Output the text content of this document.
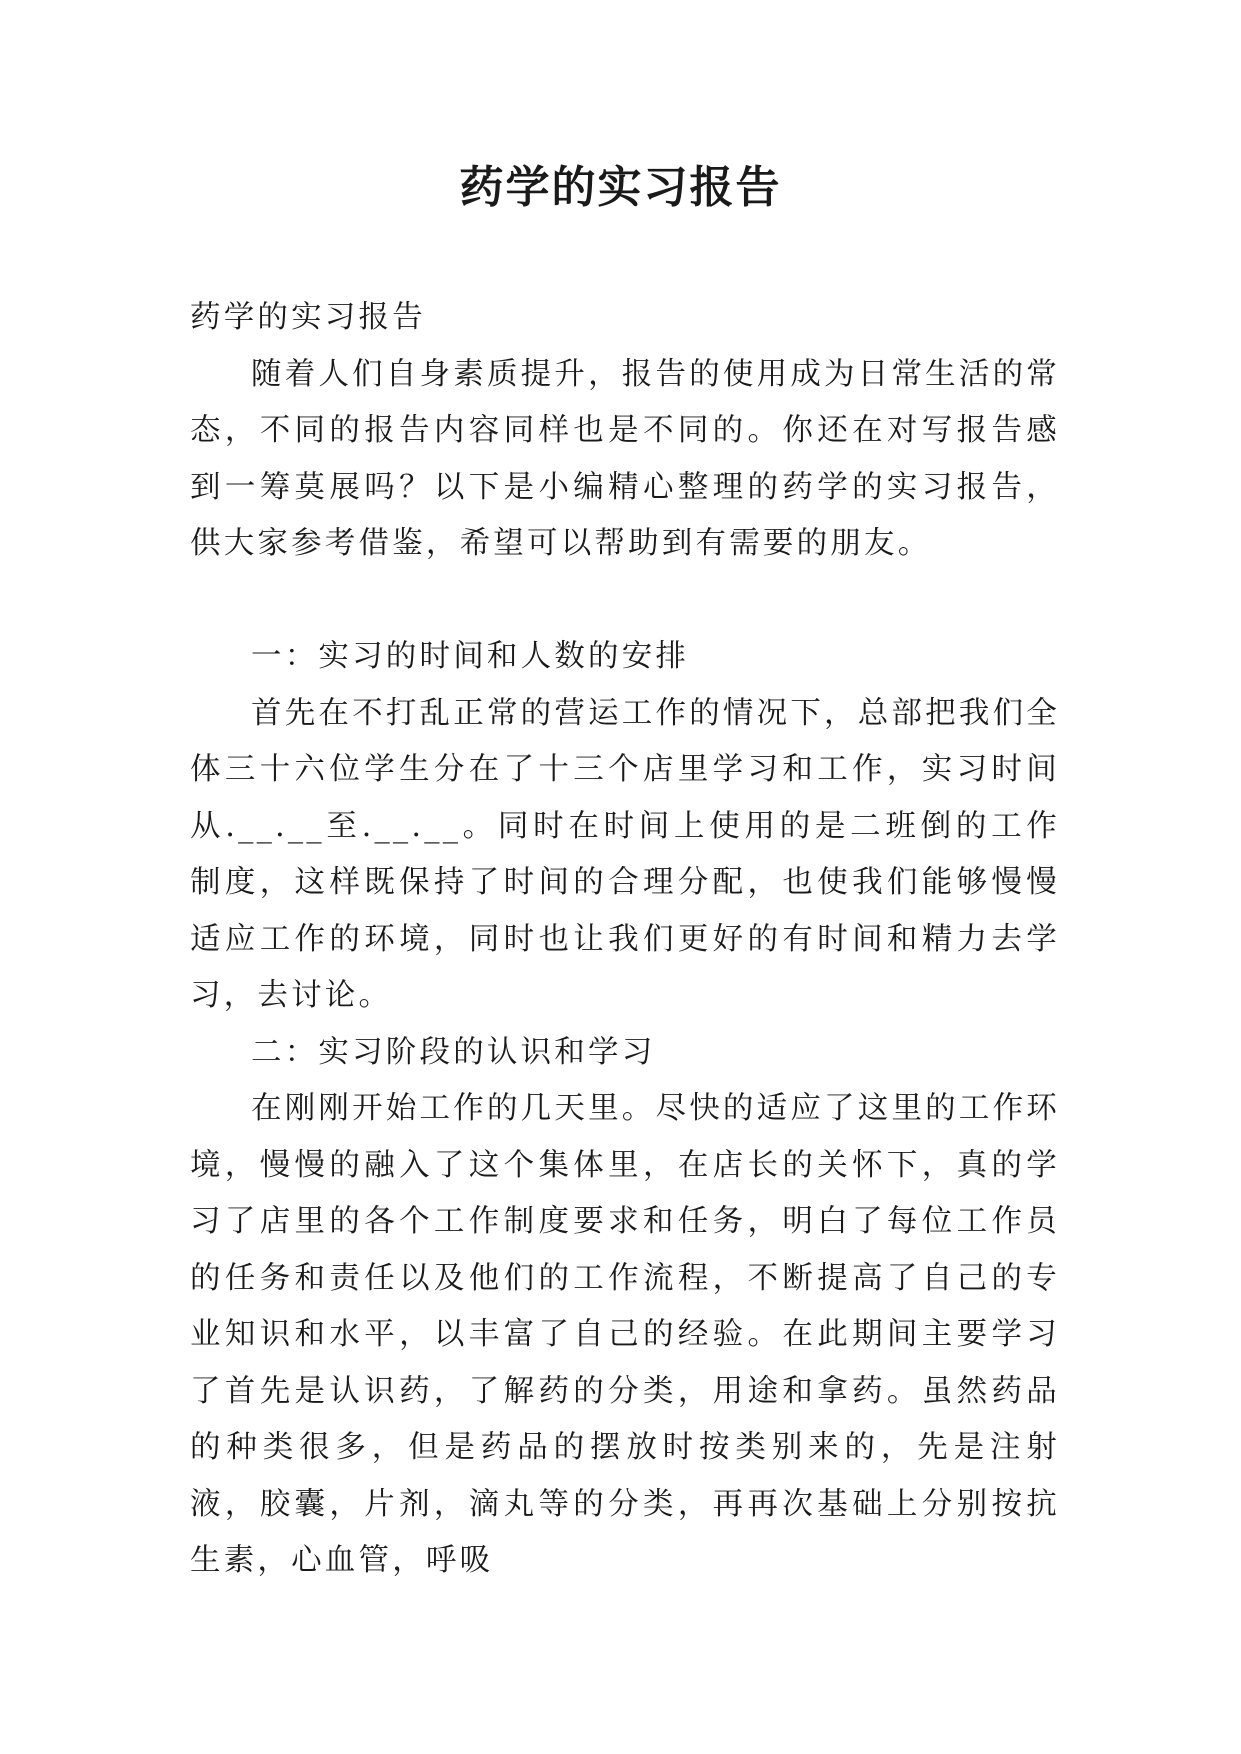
药学的实习报告

药学的实习报告

随着人们自身素质提升，报告的使用成为日常生活的常态，不同的报告内容同样也是不同的。你还在对写报告感到一筹莫展吗？以下是小编精心整理的药学的实习报告，供大家参考借鉴，希望可以帮助到有需要的朋友。

一：实习的时间和人数的安排

首先在不打乱正常的营运工作的情况下，总部把我们全体三十六位学生分在了十三个店里学习和工作，实习时间从.__.__至.__.__。同时在时间上使用的是二班倒的工作制度，这样既保持了时间的合理分配，也使我们能够慢慢适应工作的环境，同时也让我们更好的有时间和精力去学习，去讨论。

二：实习阶段的认识和学习

在刚刚开始工作的几天里。尽快的适应了这里的工作环境，慢慢的融入了这个集体里，在店长的关怀下，真的学习了店里的各个工作制度要求和任务，明白了每位工作员的任务和责任以及他们的工作流程，不断提高了自己的专业知识和水平，以丰富了自己的经验。在此期间主要学习了首先是认识药，了解药的分类，用途和拿药。虽然药品的种类很多，但是药品的摆放时按类别来的，先是注射液，胶囊，片剂，滴丸等的分类，再再次基础上分别按抗生素，心血管，呼吸
